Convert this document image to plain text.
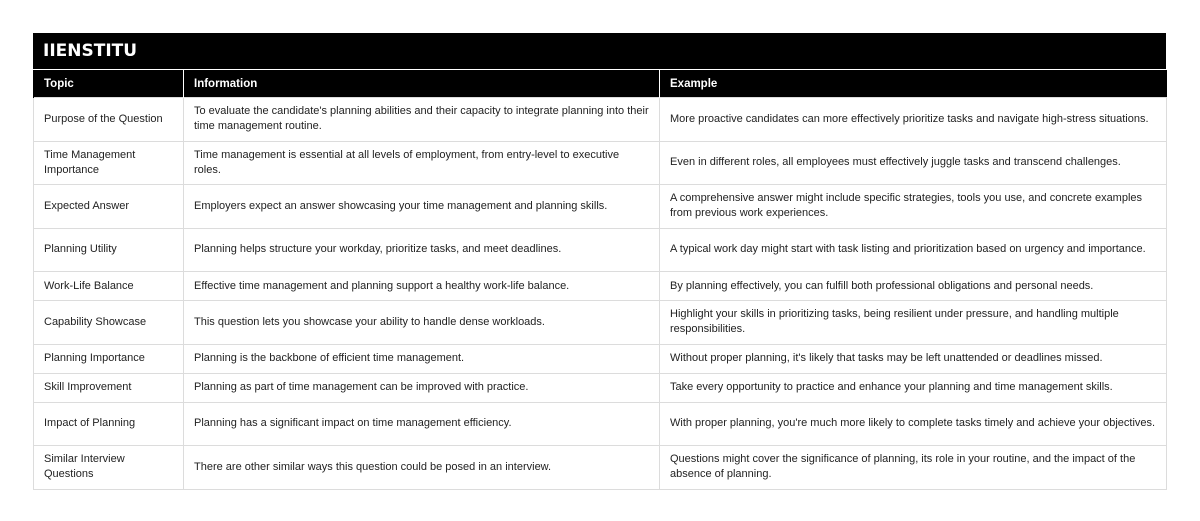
IIENSTITU
Topic	Information	Example
Purpose of the Question	To evaluate the candidate's planning abilities and their capacity to integrate planning into their time management routine.	More proactive candidates can more effectively prioritize tasks and navigate high-stress situations.
Time Management Importance	Time management is essential at all levels of employment, from entry-level to executive roles.	Even in different roles, all employees must effectively juggle tasks and transcend challenges.
Expected Answer	Employers expect an answer showcasing your time management and planning skills.	A comprehensive answer might include specific strategies, tools you use, and concrete examples from previous work experiences.
Planning Utility	Planning helps structure your workday, prioritize tasks, and meet deadlines.	A typical work day might start with task listing and prioritization based on urgency and importance.
Work-Life Balance	Effective time management and planning support a healthy work-life balance.	By planning effectively, you can fulfill both professional obligations and personal needs.
Capability Showcase	This question lets you showcase your ability to handle dense workloads.	Highlight your skills in prioritizing tasks, being resilient under pressure, and handling multiple responsibilities.
Planning Importance	Planning is the backbone of efficient time management.	Without proper planning, it's likely that tasks may be left unattended or deadlines missed.
Skill Improvement	Planning as part of time management can be improved with practice.	Take every opportunity to practice and enhance your planning and time management skills.
Impact of Planning	Planning has a significant impact on time management efficiency.	With proper planning, you're much more likely to complete tasks timely and achieve your objectives.
Similar Interview Questions	There are other similar ways this question could be posed in an interview.	Questions might cover the significance of planning, its role in your routine, and the impact of the absence of planning.
